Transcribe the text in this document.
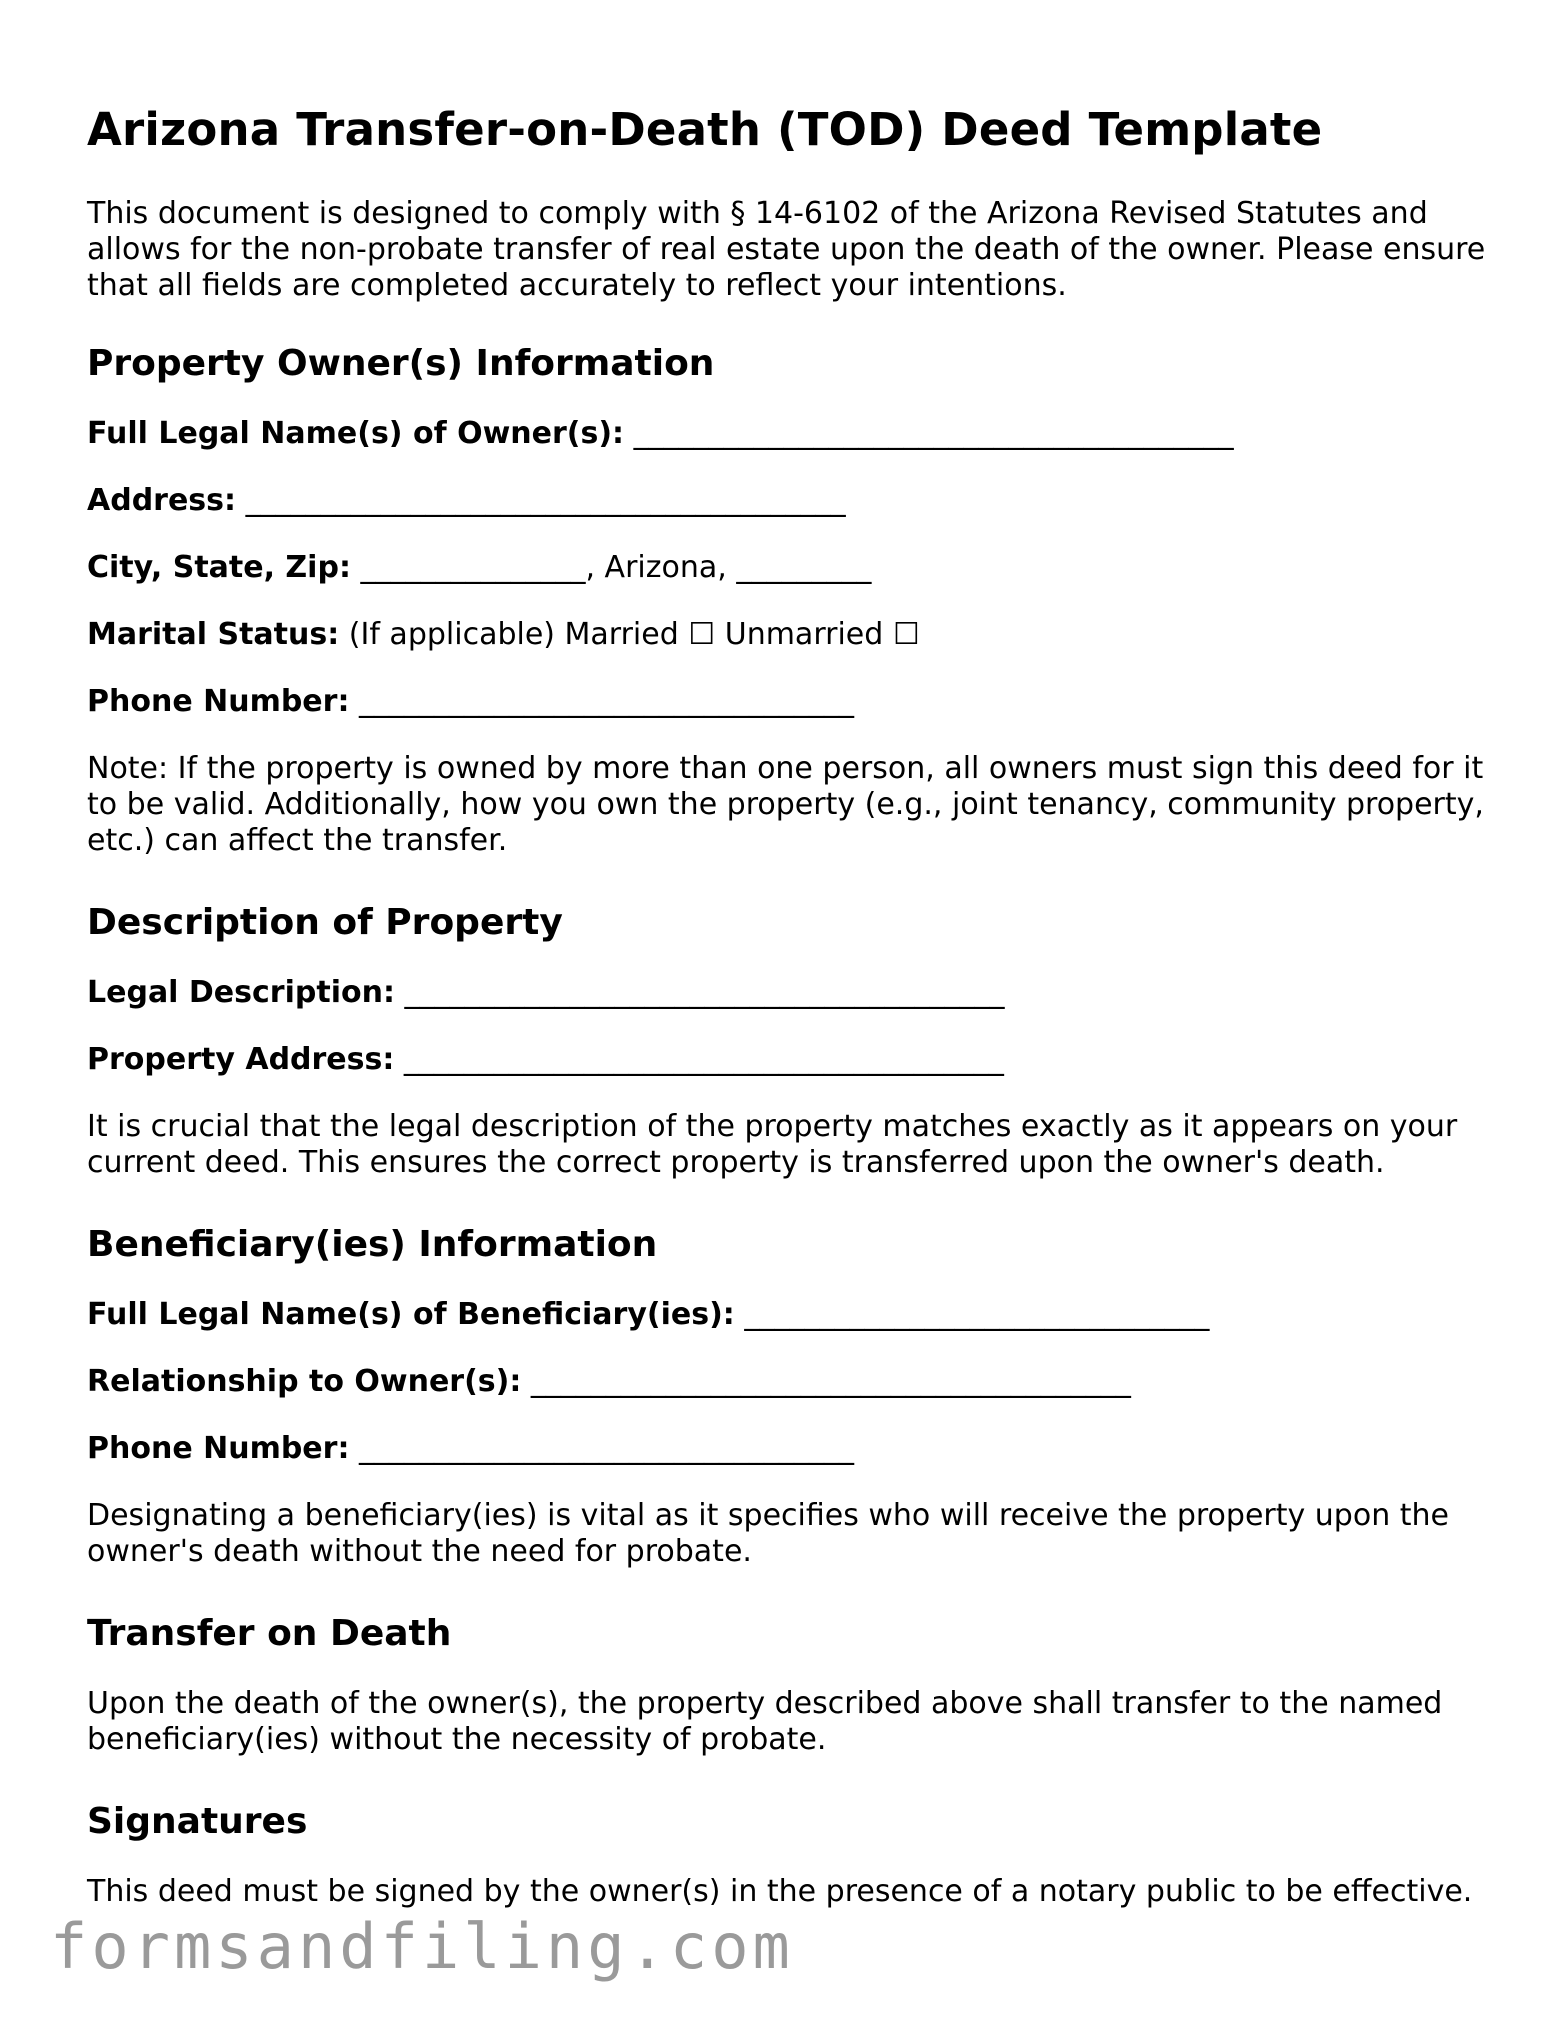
Arizona Transfer-on-Death (TOD) Deed Template

This document is designed to comply with § 14-6102 of the Arizona Revised Statutes and allows for the non-probate transfer of real estate upon the death of the owner. Please ensure that all fields are completed accurately to reflect your intentions.

Property Owner(s) Information
Full Legal Name(s) of Owner(s): ________________________________________
Address: ________________________________________
City, State, Zip: _______________, Arizona, _________
Marital Status: (If applicable) Married ☐ Unmarried ☐
Phone Number: _________________________________

Note: If the property is owned by more than one person, all owners must sign this deed for it to be valid. Additionally, how you own the property (e.g., joint tenancy, community property, etc.) can affect the transfer.

Description of Property
Legal Description: ________________________________________
Property Address: ________________________________________

It is crucial that the legal description of the property matches exactly as it appears on your current deed. This ensures the correct property is transferred upon the owner's death.

Beneficiary(ies) Information
Full Legal Name(s) of Beneficiary(ies): _______________________________
Relationship to Owner(s): ________________________________________
Phone Number: _________________________________

Designating a beneficiary(ies) is vital as it specifies who will receive the property upon the owner's death without the need for probate.

Transfer on Death

Upon the death of the owner(s), the property described above shall transfer to the named beneficiary(ies) without the necessity of probate.

Signatures

This deed must be signed by the owner(s) in the presence of a notary public to be effective.

formsandfiling.com
